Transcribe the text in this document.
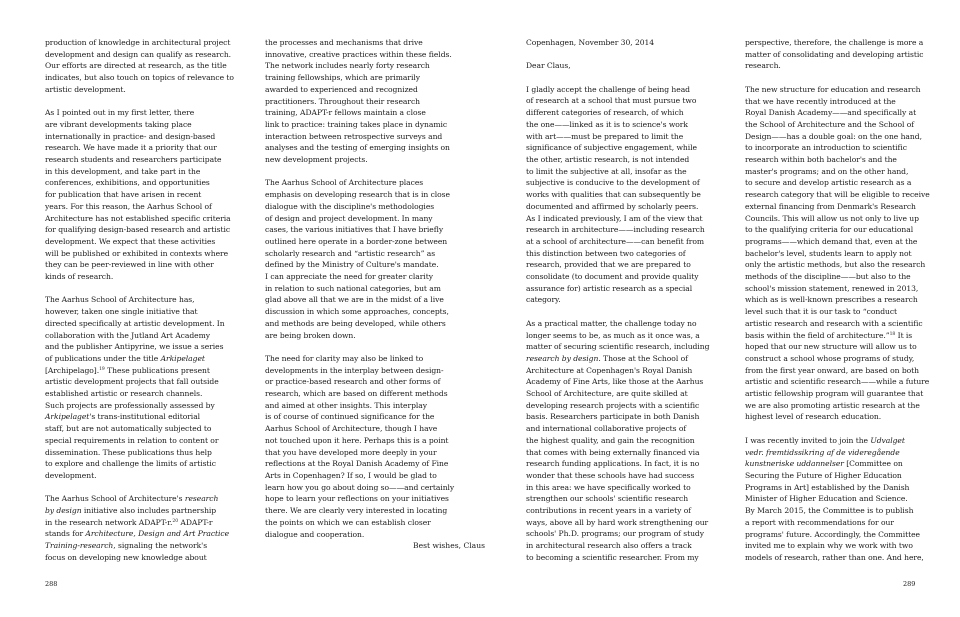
production of knowledge in architectural project
development and design can qualify as research.
Our efforts are directed at research, as the title
indicates, but also touch on topics of relevance to
artistic development.

As I pointed out in my first letter, there
are vibrant developments taking place
internationally in practice- and design-based
research. We have made it a priority that our
research students and researchers participate
in this development, and take part in the
conferences, exhibitions, and opportunities
for publication that have arisen in recent
years. For this reason, the Aarhus School of
Architecture has not established specific criteria
for qualifying design-based research and artistic
development. We expect that these activities
will be published or exhibited in contexts where
they can be peer-reviewed in line with other
kinds of research.

The Aarhus School of Architecture has,
however, taken one single initiative that
directed specifically at artistic development. In
collaboration with the Jutland Art Academy
and the publisher Antipyrine, we issue a series
of publications under the title Arkipelaget
[Archipelago].$^{19}$ These publications present
artistic development projects that fall outside
established artistic or research channels.
Such projects are professionally assessed by
Arkipelaget's trans-institutional editorial
staff, but are not automatically subjected to
special requirements in relation to content or
dissemination. These publications thus help
to explore and challenge the limits of artistic
development.

The Aarhus School of Architecture's research
by design initiative also includes partnership
in the research network ADAPT-r.$^{20}$ ADAPT-r
stands for Architecture, Design and Art Practice
Training-research, signaling the network's
focus on developing new knowledge about

the processes and mechanisms that drive
innovative, creative practices within these fields.
The network includes nearly forty research
training fellowships, which are primarily
awarded to experienced and recognized
practitioners. Throughout their research
training, ADAPT-r fellows maintain a close
link to practice: training takes place in dynamic
interaction between retrospective surveys and
analyses and the testing of emerging insights on
new development projects.

The Aarhus School of Architecture places
emphasis on developing research that is in close
dialogue with the discipline's methodologies
of design and project development. In many
cases, the various initiatives that I have briefly
outlined here operate in a border-zone between
scholarly research and “artistic research” as
defined by the Ministry of Culture's mandate.
I can appreciate the need for greater clarity
in relation to such national categories, but am
glad above all that we are in the midst of a live
discussion in which some approaches, concepts,
and methods are being developed, while others
are being broken down.

The need for clarity may also be linked to
developments in the interplay between design-
or practice-based research and other forms of
research, which are based on different methods
and aimed at other insights. This interplay
is of course of continued significance for the
Aarhus School of Architecture, though I have
not touched upon it here. Perhaps this is a point
that you have developed more deeply in your
reflections at the Royal Danish Academy of Fine
Arts in Copenhagen? If so, I would be glad to
learn how you go about doing so——and certainly
hope to learn your reflections on your initiatives
there. We are clearly very interested in locating
the points on which we can establish closer
dialogue and cooperation.

288

Copenhagen, November 30, 2014

Dear Claus,

I gladly accept the challenge of being head
of research at a school that must pursue two
different categories of research, of which
the one——linked as it is to science's work
with art——must be prepared to limit the
significance of subjective engagement, while
the other, artistic research, is not intended
to limit the subjective at all, insofar as the
subjective is conducive to the development of
works with qualities that can subsequently be
documented and affirmed by scholarly peers.
As I indicated previously, I am of the view that
research in architecture——including research
at a school of architecture——can benefit from
this distinction between two categories of
research, provided that we are prepared to
consolidate (to document and provide quality
assurance for) artistic research as a special
category.

As a practical matter, the challenge today no
longer seems to be, as much as it once was, a
matter of securing scientific research, including
research by design. Those at the School of
Architecture at Copenhagen's Royal Danish
Academy of Fine Arts, like those at the Aarhus
School of Architecture, are quite skilled at
developing research projects with a scientific
basis. Researchers participate in both Danish
and international collaborative projects of
the highest quality, and gain the recognition
that comes with being externally financed via
research funding applications. In fact, it is no
wonder that these schools have had success
in this area: we have specifically worked to
strengthen our schools' scientific research
contributions in recent years in a variety of
ways, above all by hard work strengthening our
schools' Ph.D. programs; our program of study
in architectural research also offers a track
to becoming a scientific researcher. From my

perspective, therefore, the challenge is more a
matter of consolidating and developing artistic
research.

The new structure for education and research
that we have recently introduced at the
Royal Danish Academy——and specifically at
the School of Architecture and the School of
Design——has a double goal: on the one hand,
to incorporate an introduction to scientific
research within both bachelor's and the
master's programs; and on the other hand,
to secure and develop artistic research as a
research category that will be eligible to receive
external financing from Denmark's Research
Councils. This will allow us not only to live up
to the qualifying criteria for our educational
programs——which demand that, even at the
bachelor's level, students learn to apply not
only the artistic methods, but also the research
methods of the discipline——but also to the
school's mission statement, renewed in 2013,
which as is well-known prescribes a research
level such that it is our task to “conduct
artistic research and research with a scientific
basis within the field of architecture.”$^{18}$ It is
hoped that our new structure will allow us to
construct a school whose programs of study,
from the first year onward, are based on both
artistic and scientific research——while a future
artistic fellowship program will guarantee that
we are also promoting artistic research at the
highest level of research education.

I was recently invited to join the Udvalget
vedr. fremtidssikring af de videregående
kunstneriske uddannelser [Committee on
Securing the Future of Higher Education
Programs in Art] established by the Danish
Minister of Higher Education and Science.
By March 2015, the Committee is to publish
a report with recommendations for our
programs' future. Accordingly, the Committee
invited me to explain why we work with two
models of research, rather than one. And here,

289
Best wishes, Claus
